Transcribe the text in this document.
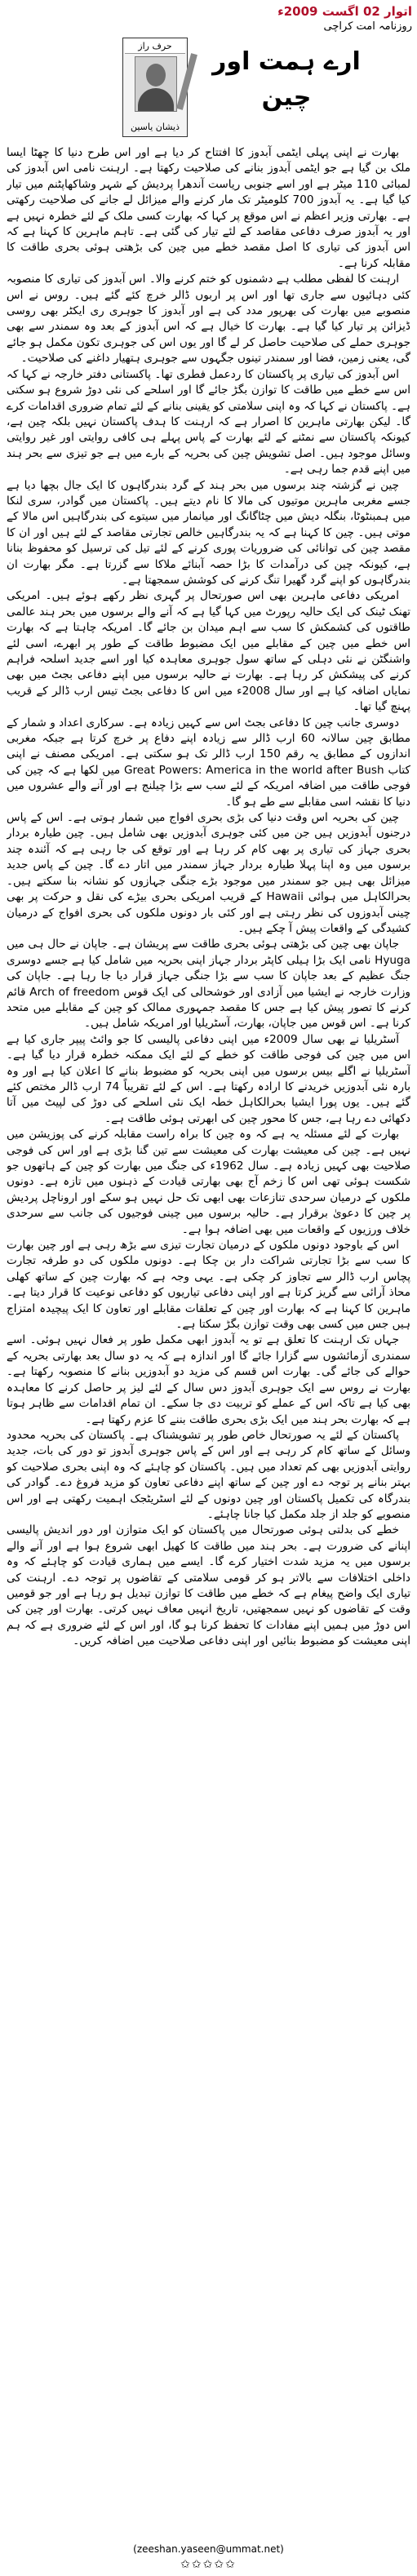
اتوار 02 اگست 2009ء
روزنامہ امت کراچی
ارے ہمت اور چین
حرف راز
ذیشان یاسین

بھارت نے اپنی پہلی ایٹمی آبدوز کا افتتاح کر دیا ہے اور اس طرح دنیا کا چھٹا ایسا ملک بن گیا ہے جو ایٹمی آبدوز بنانے کی صلاحیت رکھتا ہے۔ ارہنت نامی اس آبدوز کی لمبائی 110 میٹر ہے اور اسے جنوبی ریاست آندھرا پردیش کے شہر وشاکھاپٹنم میں تیار کیا گیا ہے۔ یہ آبدوز 700 کلومیٹر تک مار کرنے والے میزائل لے جانے کی صلاحیت رکھتی ہے۔ بھارتی وزیر اعظم نے اس موقع پر کہا کہ بھارت کسی ملک کے لئے خطرہ نہیں ہے اور یہ آبدوز صرف دفاعی مقاصد کے لئے تیار کی گئی ہے۔ تاہم ماہرین کا کہنا ہے کہ اس آبدوز کی تیاری کا اصل مقصد خطے میں چین کی بڑھتی ہوئی بحری طاقت کا مقابلہ کرنا ہے۔

ارہنت کا لفظی مطلب ہے دشمنوں کو ختم کرنے والا۔ اس آبدوز کی تیاری کا منصوبہ کئی دہائیوں سے جاری تھا اور اس پر اربوں ڈالر خرچ کئے گئے ہیں۔ روس نے اس منصوبے میں بھارت کی بھرپور مدد کی ہے اور آبدوز کا جوہری ری ایکٹر بھی روسی ڈیزائن پر تیار کیا گیا ہے۔ بھارت کا خیال ہے کہ اس آبدوز کے بعد وہ سمندر سے بھی جوہری حملے کی صلاحیت حاصل کر لے گا اور یوں اس کی جوہری تکون مکمل ہو جائے گی، یعنی زمین، فضا اور سمندر تینوں جگہوں سے جوہری ہتھیار داغنے کی صلاحیت۔

اس آبدوز کی تیاری پر پاکستان کا ردعمل فطری تھا۔ پاکستانی دفتر خارجہ نے کہا کہ اس سے خطے میں طاقت کا توازن بگڑ جائے گا اور اسلحے کی نئی دوڑ شروع ہو سکتی ہے۔ پاکستان نے کہا کہ وہ اپنی سلامتی کو یقینی بنانے کے لئے تمام ضروری اقدامات کرے گا۔ لیکن بھارتی ماہرین کا اصرار ہے کہ ارہنت کا ہدف پاکستان نہیں بلکہ چین ہے، کیونکہ پاکستان سے نمٹنے کے لئے بھارت کے پاس پہلے ہی کافی روایتی اور غیر روایتی وسائل موجود ہیں۔ اصل تشویش چین کی بحریہ کے بارے میں ہے جو تیزی سے بحر ہند میں اپنے قدم جما رہی ہے۔

چین نے گزشتہ چند برسوں میں بحر ہند کے گرد بندرگاہوں کا ایک جال بچھا دیا ہے جسے مغربی ماہرین موتیوں کی مالا کا نام دیتے ہیں۔ پاکستان میں گوادر، سری لنکا میں ہمبنٹوٹا، بنگلہ دیش میں چٹاگانگ اور میانمار میں سیتوے کی بندرگاہیں اس مالا کے موتی ہیں۔ چین کا کہنا ہے کہ یہ بندرگاہیں خالص تجارتی مقاصد کے لئے ہیں اور ان کا مقصد چین کی توانائی کی ضروریات پوری کرنے کے لئے تیل کی ترسیل کو محفوظ بنانا ہے، کیونکہ چین کی درآمدات کا بڑا حصہ آبنائے ملاکا سے گزرتا ہے۔ مگر بھارت ان بندرگاہوں کو اپنے گرد گھیرا تنگ کرنے کی کوشش سمجھتا ہے۔

امریکی دفاعی ماہرین بھی اس صورتحال پر گہری نظر رکھے ہوئے ہیں۔ امریکی تھنک ٹینک کی ایک حالیہ رپورٹ میں کہا گیا ہے کہ آنے والے برسوں میں بحر ہند عالمی طاقتوں کی کشمکش کا سب سے اہم میدان بن جائے گا۔ امریکہ چاہتا ہے کہ بھارت اس خطے میں چین کے مقابلے میں ایک مضبوط طاقت کے طور پر ابھرے، اسی لئے واشنگٹن نے نئی دہلی کے ساتھ سول جوہری معاہدہ کیا اور اسے جدید اسلحہ فراہم کرنے کی پیشکش کر رہا ہے۔ بھارت نے حالیہ برسوں میں اپنے دفاعی بجٹ میں بھی نمایاں اضافہ کیا ہے اور سال 2008ء میں اس کا دفاعی بجٹ تیس ارب ڈالر کے قریب پہنچ گیا تھا۔

دوسری جانب چین کا دفاعی بجٹ اس سے کہیں زیادہ ہے۔ سرکاری اعداد و شمار کے مطابق چین سالانہ 60 ارب ڈالر سے زیادہ اپنے دفاع پر خرچ کرتا ہے جبکہ مغربی اندازوں کے مطابق یہ رقم 150 ارب ڈالر تک ہو سکتی ہے۔ امریکی مصنف نے اپنی کتاب Great Powers: America in the world after Bush میں لکھا ہے کہ چین کی فوجی طاقت میں اضافہ امریکہ کے لئے سب سے بڑا چیلنج ہے اور آنے والے عشروں میں دنیا کا نقشہ اسی مقابلے سے طے ہو گا۔

چین کی بحریہ اس وقت دنیا کی بڑی بحری افواج میں شمار ہوتی ہے۔ اس کے پاس درجنوں آبدوزیں ہیں جن میں کئی جوہری آبدوزیں بھی شامل ہیں۔ چین طیارہ بردار بحری جہاز کی تیاری پر بھی کام کر رہا ہے اور توقع کی جا رہی ہے کہ آئندہ چند برسوں میں وہ اپنا پہلا طیارہ بردار جہاز سمندر میں اتار دے گا۔ چین کے پاس جدید میزائل بھی ہیں جو سمندر میں موجود بڑے جنگی جہازوں کو نشانہ بنا سکتے ہیں۔ بحرالکاہل میں ہوائی Hawaii کے قریب امریکی بحری بیڑے کی نقل و حرکت پر بھی چینی آبدوزوں کی نظر رہتی ہے اور کئی بار دونوں ملکوں کی بحری افواج کے درمیان کشیدگی کے واقعات پیش آ چکے ہیں۔

جاپان بھی چین کی بڑھتی ہوئی بحری طاقت سے پریشان ہے۔ جاپان نے حال ہی میں Hyuga نامی ایک بڑا ہیلی کاپٹر بردار جہاز اپنی بحریہ میں شامل کیا ہے جسے دوسری جنگ عظیم کے بعد جاپان کا سب سے بڑا جنگی جہاز قرار دیا جا رہا ہے۔ جاپان کی وزارت خارجہ نے ایشیا میں آزادی اور خوشحالی کی ایک قوس Arch of freedom قائم کرنے کا تصور پیش کیا ہے جس کا مقصد جمہوری ممالک کو چین کے مقابلے میں متحد کرنا ہے۔ اس قوس میں جاپان، بھارت، آسٹریلیا اور امریکہ شامل ہیں۔

آسٹریلیا نے بھی سال 2009ء میں اپنی دفاعی پالیسی کا جو وائٹ پیپر جاری کیا ہے اس میں چین کی فوجی طاقت کو خطے کے لئے ایک ممکنہ خطرہ قرار دیا گیا ہے۔ آسٹریلیا نے اگلے بیس برسوں میں اپنی بحریہ کو مضبوط بنانے کا اعلان کیا ہے اور وہ بارہ نئی آبدوزیں خریدنے کا ارادہ رکھتا ہے۔ اس کے لئے تقریباً 74 ارب ڈالر مختص کئے گئے ہیں۔ یوں پورا ایشیا بحرالکاہل خطہ ایک نئی اسلحے کی دوڑ کی لپیٹ میں آتا دکھائی دے رہا ہے، جس کا محور چین کی ابھرتی ہوئی طاقت ہے۔

بھارت کے لئے مسئلہ یہ ہے کہ وہ چین کا براہ راست مقابلہ کرنے کی پوزیشن میں نہیں ہے۔ چین کی معیشت بھارت کی معیشت سے تین گنا بڑی ہے اور اس کی فوجی صلاحیت بھی کہیں زیادہ ہے۔ سال 1962ء کی جنگ میں بھارت کو چین کے ہاتھوں جو شکست ہوئی تھی اس کا زخم آج بھی بھارتی قیادت کے ذہنوں میں تازہ ہے۔ دونوں ملکوں کے درمیان سرحدی تنازعات بھی ابھی تک حل نہیں ہو سکے اور اروناچل پردیش پر چین کا دعویٰ برقرار ہے۔ حالیہ برسوں میں چینی فوجیوں کی جانب سے سرحدی خلاف ورزیوں کے واقعات میں بھی اضافہ ہوا ہے۔

اس کے باوجود دونوں ملکوں کے درمیان تجارت تیزی سے بڑھ رہی ہے اور چین بھارت کا سب سے بڑا تجارتی شراکت دار بن چکا ہے۔ دونوں ملکوں کی دو طرفہ تجارت پچاس ارب ڈالر سے تجاوز کر چکی ہے۔ یہی وجہ ہے کہ بھارت چین کے ساتھ کھلی محاذ آرائی سے گریز کرتا ہے اور اپنی دفاعی تیاریوں کو دفاعی نوعیت کا قرار دیتا ہے۔ ماہرین کا کہنا ہے کہ بھارت اور چین کے تعلقات مقابلے اور تعاون کا ایک پیچیدہ امتزاج ہیں جس میں کسی بھی وقت توازن بگڑ سکتا ہے۔

جہاں تک ارہنت کا تعلق ہے تو یہ آبدوز ابھی مکمل طور پر فعال نہیں ہوئی۔ اسے سمندری آزمائشوں سے گزارا جائے گا اور اندازہ ہے کہ یہ دو سال بعد بھارتی بحریہ کے حوالے کی جائے گی۔ بھارت اس قسم کی مزید دو آبدوزیں بنانے کا منصوبہ رکھتا ہے۔ بھارت نے روس سے ایک جوہری آبدوز دس سال کے لئے لیز پر حاصل کرنے کا معاہدہ بھی کیا ہے تاکہ اس کے عملے کو تربیت دی جا سکے۔ ان تمام اقدامات سے ظاہر ہوتا ہے کہ بھارت بحر ہند میں ایک بڑی بحری طاقت بننے کا عزم رکھتا ہے۔

پاکستان کے لئے یہ صورتحال خاص طور پر تشویشناک ہے۔ پاکستان کی بحریہ محدود وسائل کے ساتھ کام کر رہی ہے اور اس کے پاس جوہری آبدوز تو دور کی بات، جدید روایتی آبدوزیں بھی کم تعداد میں ہیں۔ پاکستان کو چاہئے کہ وہ اپنی بحری صلاحیت کو بہتر بنانے پر توجہ دے اور چین کے ساتھ اپنے دفاعی تعاون کو مزید فروغ دے۔ گوادر کی بندرگاہ کی تکمیل پاکستان اور چین دونوں کے لئے اسٹریٹجک اہمیت رکھتی ہے اور اس منصوبے کو جلد از جلد مکمل کیا جانا چاہئے۔

خطے کی بدلتی ہوئی صورتحال میں پاکستان کو ایک متوازن اور دور اندیش پالیسی اپنانے کی ضرورت ہے۔ بحر ہند میں طاقت کا کھیل ابھی شروع ہوا ہے اور آنے والے برسوں میں یہ مزید شدت اختیار کرے گا۔ ایسے میں ہماری قیادت کو چاہئے کہ وہ داخلی اختلافات سے بالاتر ہو کر قومی سلامتی کے تقاضوں پر توجہ دے۔ ارہنت کی تیاری ایک واضح پیغام ہے کہ خطے میں طاقت کا توازن تبدیل ہو رہا ہے اور جو قومیں وقت کے تقاضوں کو نہیں سمجھتیں، تاریخ انہیں معاف نہیں کرتی۔ بھارت اور چین کی اس دوڑ میں ہمیں اپنے مفادات کا تحفظ کرنا ہو گا، اور اس کے لئے ضروری ہے کہ ہم اپنی معیشت کو مضبوط بنائیں اور اپنی دفاعی صلاحیت میں اضافہ کریں۔

(zeeshan.yaseen@ummat.net)
✩✩✩✩✩
